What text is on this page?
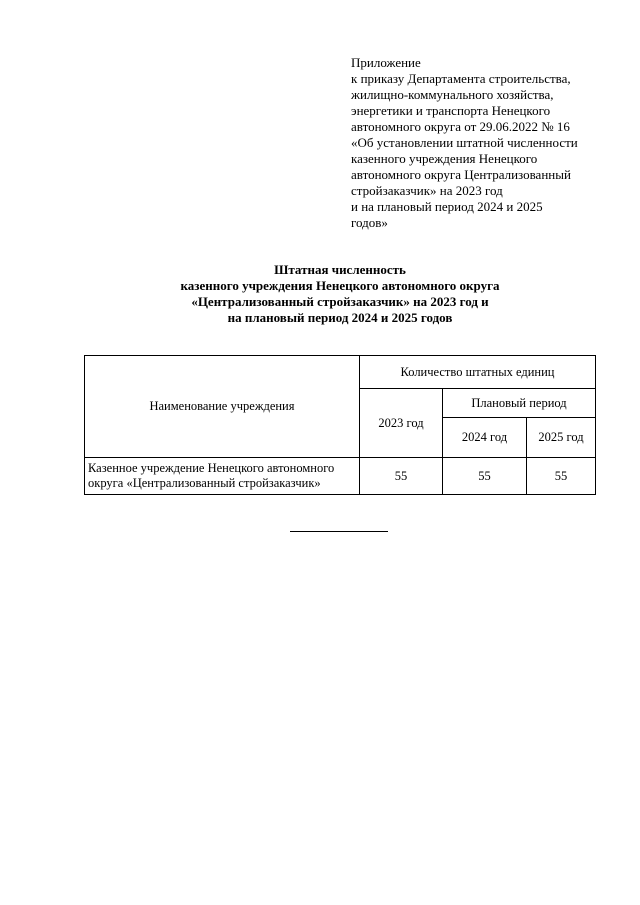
Приложение
к приказу Департамента строительства,
жилищно-коммунального хозяйства,
энергетики и транспорта Ненецкого
автономного округа от 29.06.2022 № 16
«Об установлении штатной численности
казенного учреждения Ненецкого
автономного округа Централизованный
стройзаказчик» на 2023 год
и на плановый период 2024 и 2025
годов»
Штатная численность
казенного учреждения Ненецкого автономного округа
«Централизованный стройзаказчик» на 2023 год и
на плановый период 2024 и 2025 годов
Наименование учреждения	Количество штатных единиц		
	2023 год	Плановый период	
		2024 год	2025 год
Казенное учреждение Ненецкого автономного округа «Централизованный стройзаказчик»	55	55	55
